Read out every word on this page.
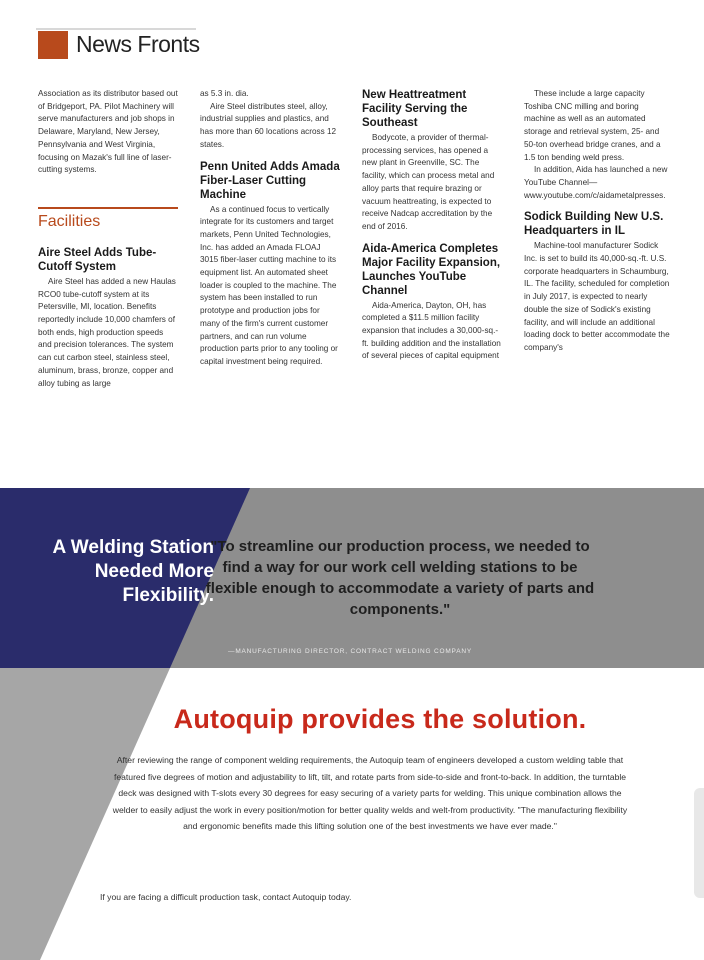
News Fronts

Association as its distributor based out of Bridgeport, PA. Pilot Machinery will serve manufacturers and job shops in Delaware, Maryland, New Jersey, Pennsylvania and West Virginia, focusing on Mazak's full line of laser-cutting systems.

Facilities
Aire Steel Adds Tube-Cutoff System

Aire Steel has added a new Haulas RCO0 tube-cutoff system at its Petersville, MI, location. Benefits reportedly include 10,000 chamfers of both ends, high production speeds and precision tolerances. The system can cut carbon steel, stainless steel, aluminum, brass, bronze, copper and alloy tubing as large

as 5.3 in. dia.

Aire Steel distributes steel, alloy, industrial supplies and plastics, and has more than 60 locations across 12 states.

Penn United Adds Amada Fiber-Laser Cutting Machine

As a continued focus to vertically integrate for its customers and target markets, Penn United Technologies, Inc. has added an Amada FLOAJ 3015 fiber-laser cutting machine to its equipment list. An automated sheet loader is coupled to the machine. The system has been installed to run prototype and production jobs for many of the firm's current customer partners, and can run volume production parts prior to any tooling or capital investment being required.

New Heattreatment Facility Serving the Southeast

Bodycote, a provider of thermal-processing services, has opened a new plant in Greenville, SC. The facility, which can process metal and alloy parts that require brazing or vacuum heattreating, is expected to receive Nadcap accreditation by the end of 2016.

Aida-America Completes Major Facility Expansion, Launches YouTube Channel

Aida-America, Dayton, OH, has completed a $11.5 million facility expansion that includes a 30,000-sq.-ft. building addition and the installation of several pieces of capital equipment

These include a large capacity Toshiba CNC milling and boring machine as well as an automated storage and retrieval system, 25- and 50-ton overhead bridge cranes, and a 1.5 ton bending weld press.

In addition, Aida has launched a new YouTube Channel—www.youtube.com/c/aidametalpresses.

Sodick Building New U.S. Headquarters in IL

Machine-tool manufacturer Sodick Inc. is set to build its 40,000-sq.-ft. U.S. corporate headquarters in Schaumburg, IL. The facility, scheduled for completion in July 2017, is expected to nearly double the size of Sodick's existing facility, and will include an additional loading dock to better accommodate the company's

A Welding Station Needed More Flexibility.
"To streamline our production process, we needed to find a way for our work cell welding stations to be flexible enough to accommodate a variety of parts and components."
—MANUFACTURING DIRECTOR, CONTRACT WELDING COMPANY
Autoquip provides the solution.
After reviewing the range of component welding requirements, the Autoquip team of engineers developed a custom welding table that featured five degrees of motion and adjustability to lift, tilt, and rotate parts from side-to-side and front-to-back. In addition, the turntable deck was designed with T-slots every 30 degrees for easy securing of a variety parts for welding. This unique combination allows the welder to easily adjust the work in every position/motion for better quality welds and welt-from productivity. "The manufacturing flexibility and ergonomic benefits made this lifting solution one of the best investments we have ever made."
If you are facing a difficult production task, contact Autoquip today.
